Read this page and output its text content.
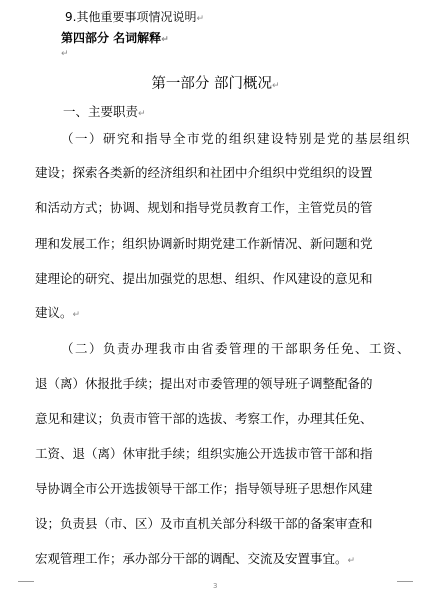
9.其他重要事项情况说明↵

第四部分 名词解释↵

↵

第一部分 部门概况↵

一、主要职责↵

（一）研究和指导全市党的组织建设特别是党的基层组织

建设；探索各类新的经济组织和社团中介组织中党组织的设置

和活动方式；协调、规划和指导党员教育工作，主管党员的管

理和发展工作；组织协调新时期党建工作新情况、新问题和党

建理论的研究、提出加强党的思想、组织、作风建设的意见和

建议。↵

（二）负责办理我市由省委管理的干部职务任免、工资、

退（离）休报批手续；提出对市委管理的领导班子调整配备的

意见和建议；负责市管干部的选拔、考察工作，办理其任免、

工资、退（离）休审批手续；组织实施公开选拔市管干部和指

导协调全市公开选拔领导干部工作；指导领导班子思想作风建

设；负责县（市、区）及市直机关部分科级干部的备案审查和

宏观管理工作；承办部分干部的调配、交流及安置事宜。↵

3
